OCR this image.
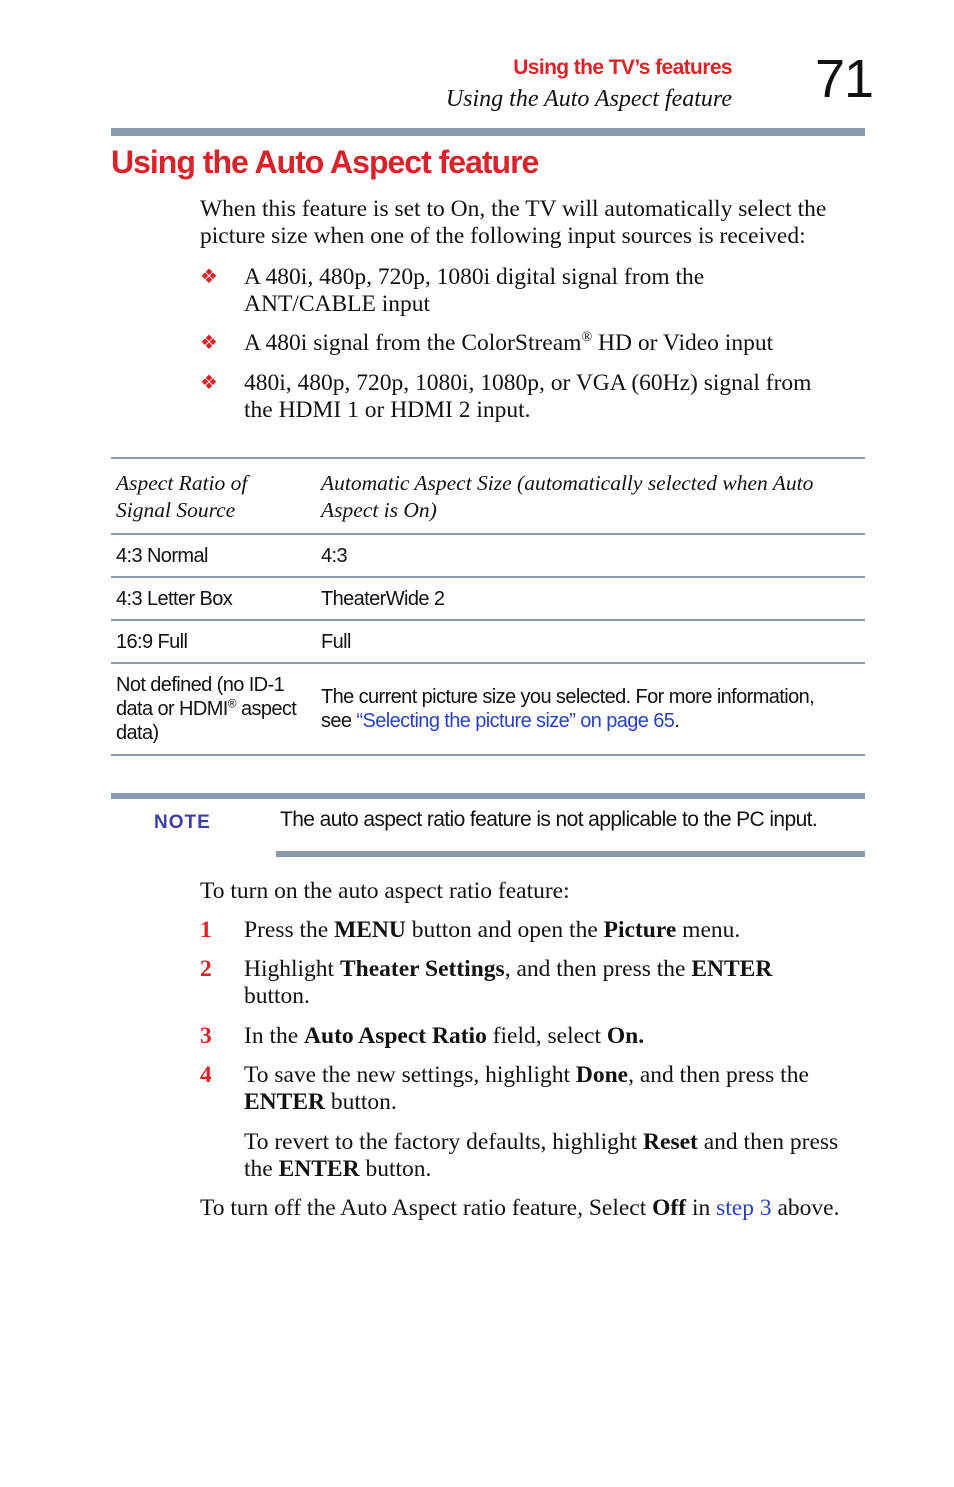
Using the TV’s features
Using the Auto Aspect feature 71
Using the Auto Aspect feature
When this feature is set to On, the TV will automatically select the picture size when one of the following input sources is received:
❖ A 480i, 480p, 720p, 1080i digital signal from the
ANT/CABLE input
❖ A 480i signal from the ColorStream® HD or Video input
❖ 480i, 480p, 720p, 1080i, 1080p, or VGA (60Hz) signal from
the HDMI 1 or HDMI 2 input.
Aspect Ratio of
Signal Source	Automatic Aspect Size (automatically selected when Auto
Aspect is On)
4:3 Normal	4:3
4:3 Letter Box	TheaterWide 2
16:9 Full	Full
Not defined (no ID-1
data or HDMI® aspect
data)	The current picture size you selected. For more information,
see “Selecting the picture size” on page 65.
NOTE	The auto aspect ratio feature is not applicable to the PC input.
To turn on the auto aspect ratio feature:
1 Press the MENU button and open the Picture menu.
2 Highlight Theater Settings, and then press the ENTER
button.
3 In the Auto Aspect Ratio field, select On.
4 To save the new settings, highlight Done, and then press the
ENTER button.
To revert to the factory defaults, highlight Reset and then press
the ENTER button.
To turn off the Auto Aspect ratio feature, Select Off in step 3 above.
